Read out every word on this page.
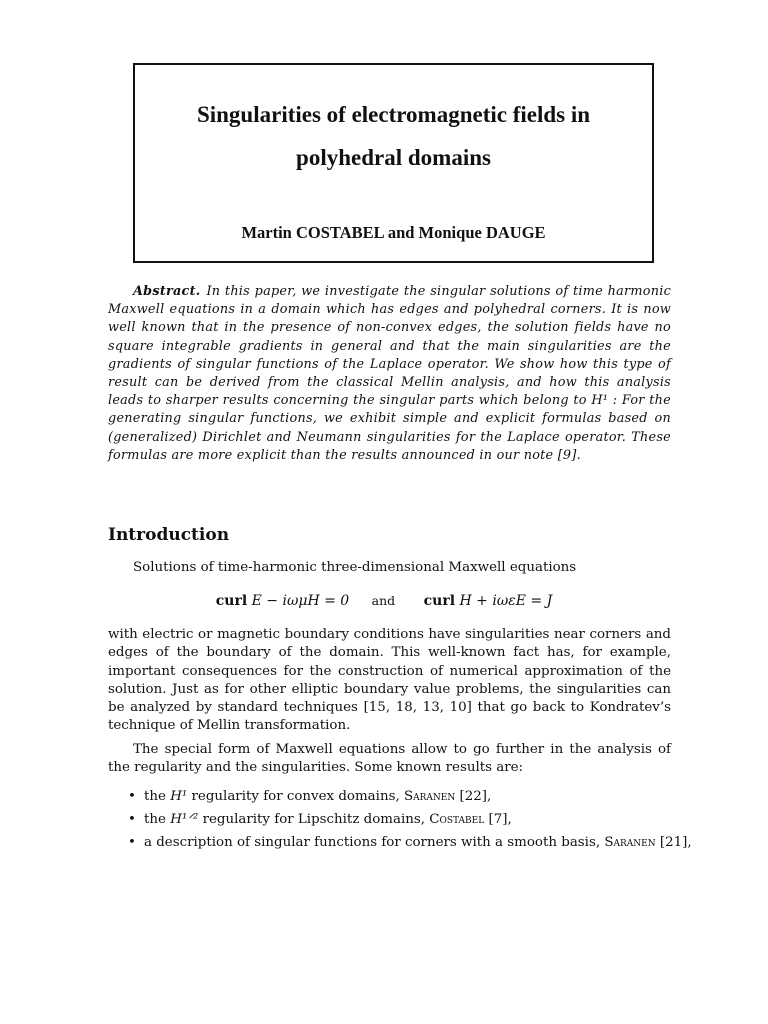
Singularities of electromagnetic fields in
polyhedral domains
Martin COSTABEL and Monique DAUGE
Abstract. In this paper, we investigate the singular solutions of time harmonic Maxwell equations in a domain which has edges and polyhedral corners. It is now well known that in the presence of non-convex edges, the solution fields have no square integrable gradients in general and that the main singularities are the gradients of singular functions of the Laplace operator. We show how this type of result can be derived from the classical Mellin analysis, and how this analysis leads to sharper results concerning the singular parts which belong to H¹ : For the generating singular functions, we exhibit simple and explicit formulas based on (generalized) Dirichlet and Neumann singularities for the Laplace operator. These formulas are more explicit than the results announced in our note [9].
Introduction

Solutions of time-harmonic three-dimensional Maxwell equations

curl E − iωμH = 0 and curl H + iωεE = J

with electric or magnetic boundary conditions have singularities near corners and edges of the boundary of the domain. This well-known fact has, for example, important consequences for the construction of numerical approximation of the solution. Just as for other elliptic boundary value problems, the singularities can be analyzed by standard techniques [15, 18, 13, 10] that go back to Kondratev’s technique of Mellin transformation.

The special form of Maxwell equations allow to go further in the analysis of the regularity and the singularities. Some known results are:

• the H¹ regularity for convex domains, Saranen [22],
• the H¹ᐟ² regularity for Lipschitz domains, Costabel [7],
• a description of singular functions for corners with a smooth basis, Saranen [21],
